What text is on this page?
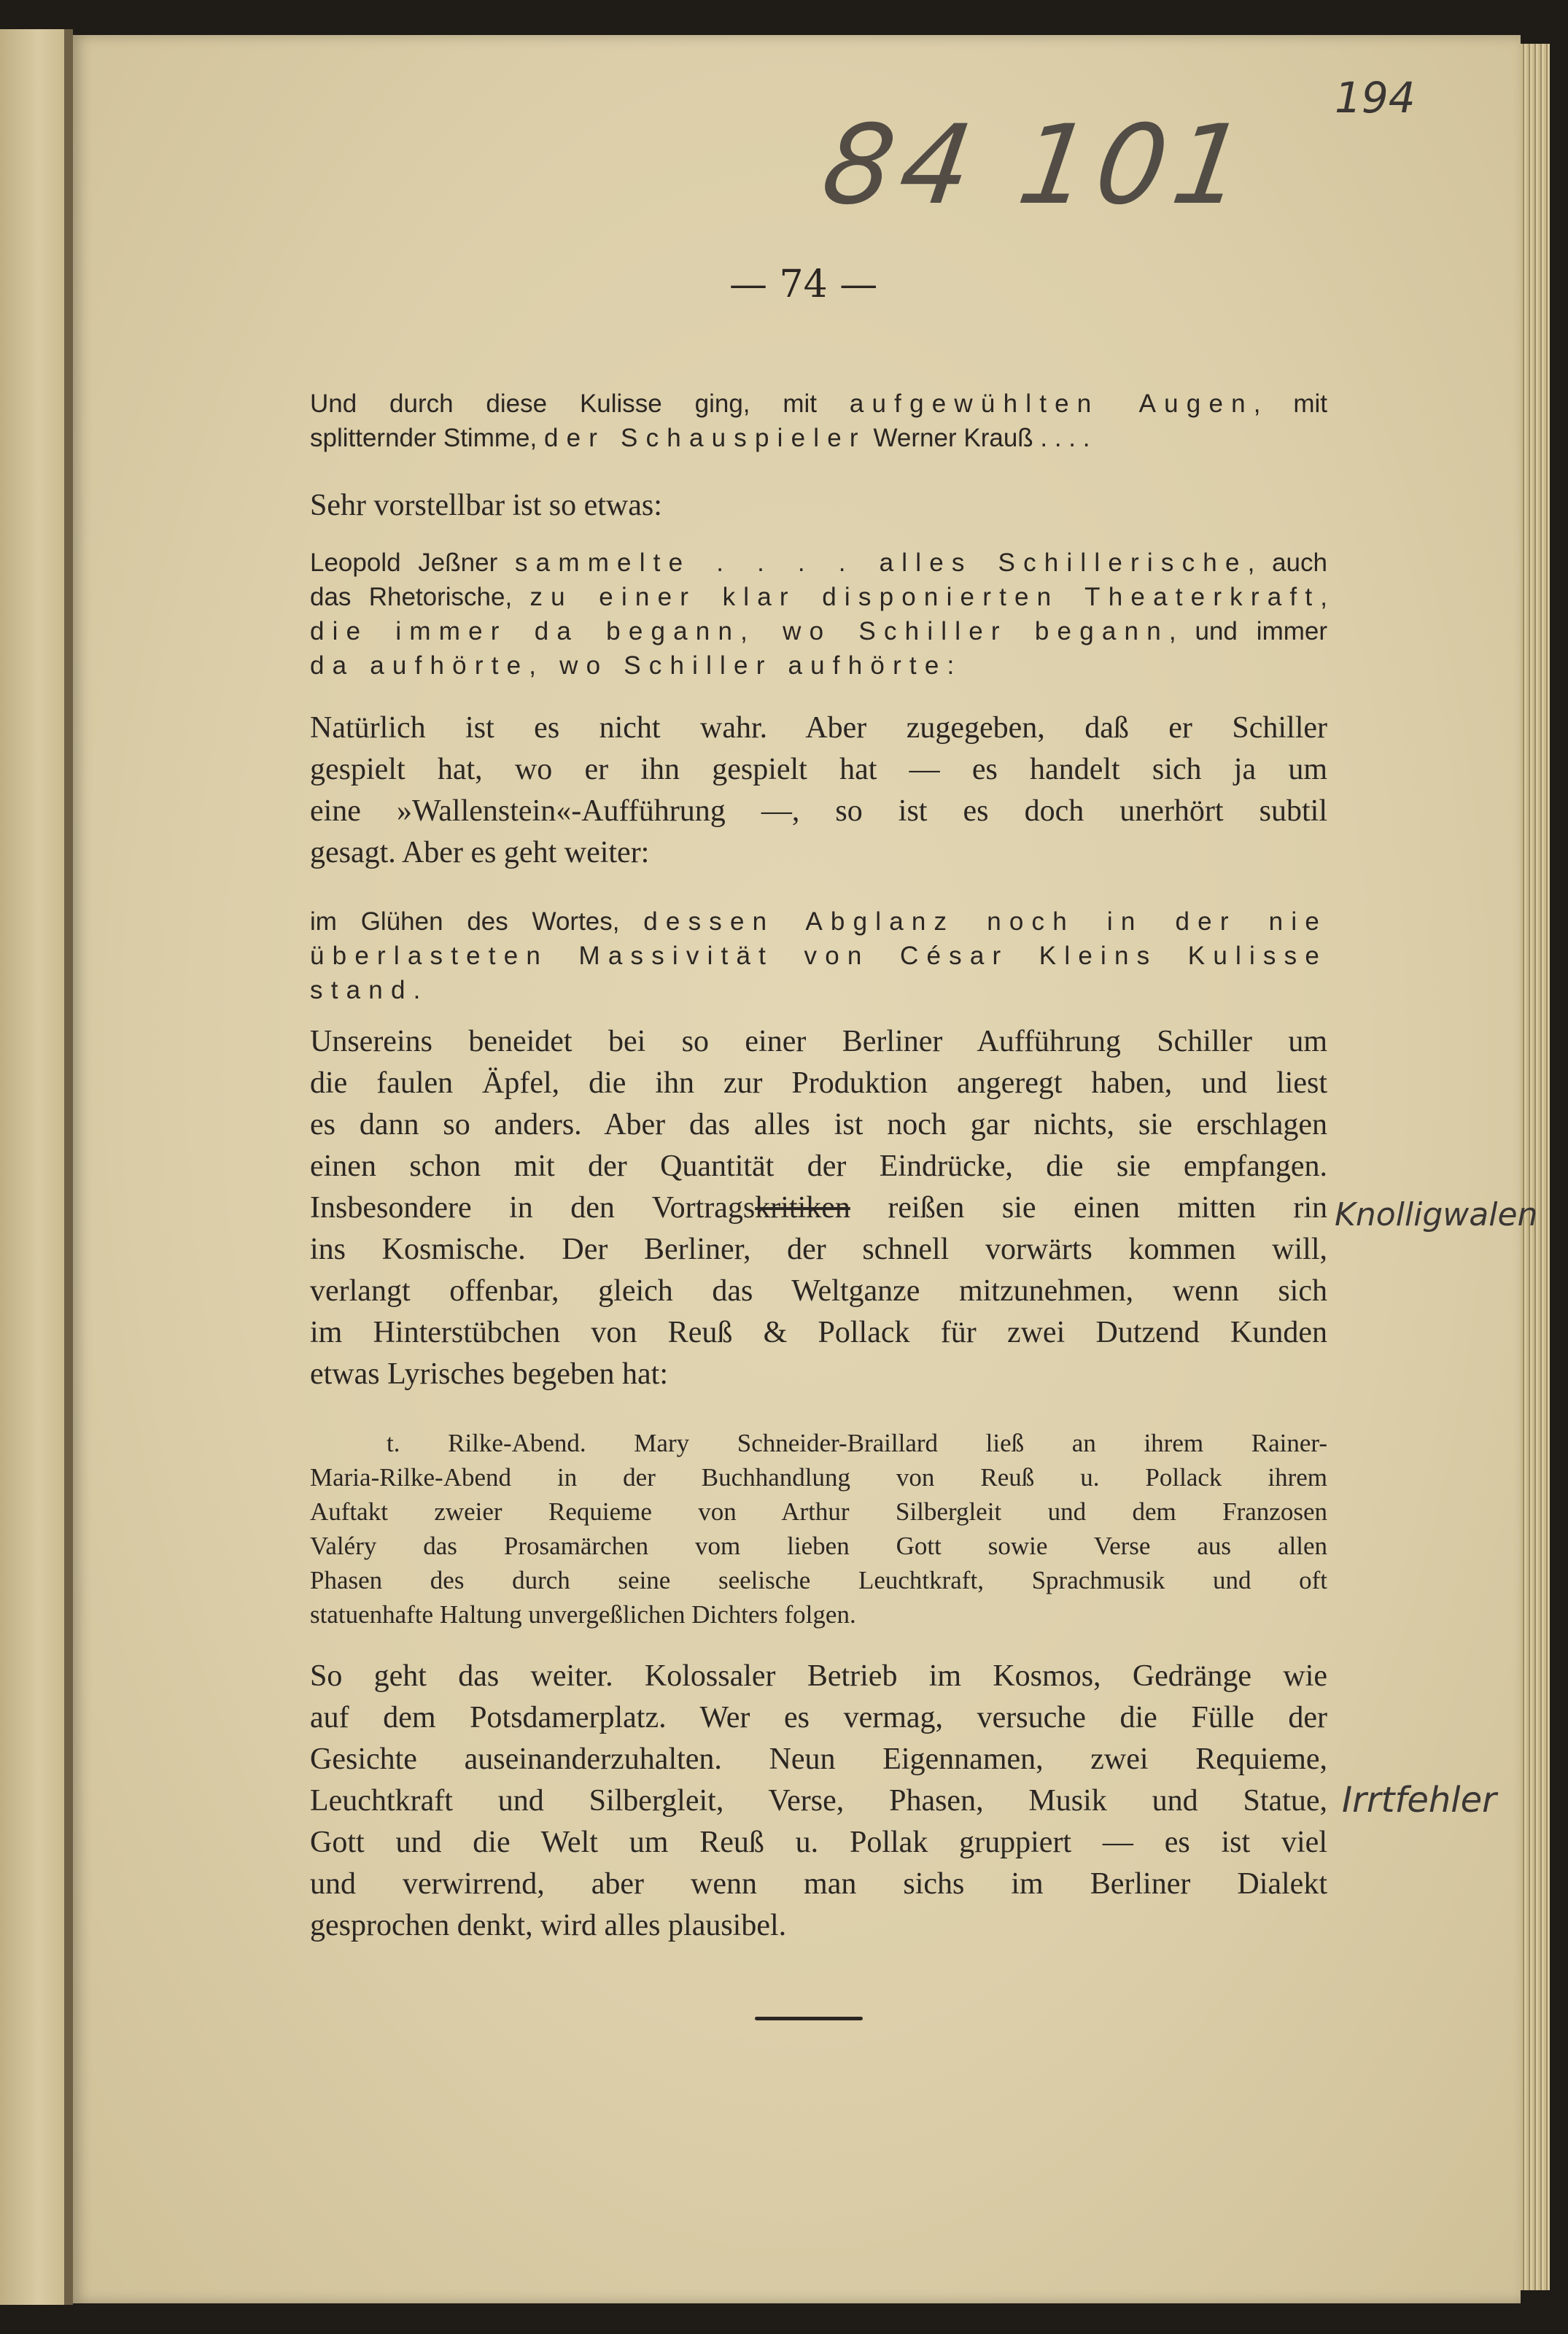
84 101
194
— 74 —
Und durch diese Kulisse ging, mit aufgewühlten Augen, mit
splitternder Stimme, der Schauspieler Werner Krauß . . . .
Sehr vorstellbar ist so etwas:
Leopold Jeßner sammelte . . . . alles Schillerische, auch
das Rhetorische, zu einer klar disponierten Theaterkraft,
die immer da begann, wo Schiller begann, und immer
da aufhörte, wo Schiller aufhörte:
Natürlich ist es nicht wahr. Aber zugegeben, daß er Schiller
gespielt hat, wo er ihn gespielt hat — es handelt sich ja um
eine »Wallenstein«-Aufführung —, so ist es doch unerhört subtil
gesagt. Aber es geht weiter:
im Glühen des Wortes, dessen Abglanz noch in der nie
überlasteten Massivität von César Kleins Kulisse
stand.
Unsereins beneidet bei so einer Berliner Aufführung Schiller um
die faulen Äpfel, die ihn zur Produktion angeregt haben, und liest
es dann so anders. Aber das alles ist noch gar nichts, sie erschlagen
einen schon mit der Quantität der Eindrücke, die sie empfangen.
Insbesondere in den Vortragskritiken reißen sie einen mitten rin
ins Kosmische. Der Berliner, der schnell vorwärts kommen will,
verlangt offenbar, gleich das Weltganze mitzunehmen, wenn sich
im Hinterstübchen von Reuß & Pollack für zwei Dutzend Kunden
etwas Lyrisches begeben hat:
t. Rilke-Abend. Mary Schneider-Braillard ließ an ihrem Rainer-
Maria-Rilke-Abend in der Buchhandlung von Reuß u. Pollack ihrem
Auftakt zweier Requieme von Arthur Silbergleit und dem Franzosen
Valéry das Prosamärchen vom lieben Gott sowie Verse aus allen
Phasen des durch seine seelische Leuchtkraft, Sprachmusik und oft
statuenhafte Haltung unvergeßlichen Dichters folgen.
So geht das weiter. Kolossaler Betrieb im Kosmos, Gedränge wie
auf dem Potsdamerplatz. Wer es vermag, versuche die Fülle der
Gesichte auseinanderzuhalten. Neun Eigennamen, zwei Requieme,
Leuchtkraft und Silbergleit, Verse, Phasen, Musik und Statue,
Gott und die Welt um Reuß u. Pollak gruppiert — es ist viel
und verwirrend, aber wenn man sichs im Berliner Dialekt
gesprochen denkt, wird alles plausibel.
Knolligwalen
Irrtfehler
